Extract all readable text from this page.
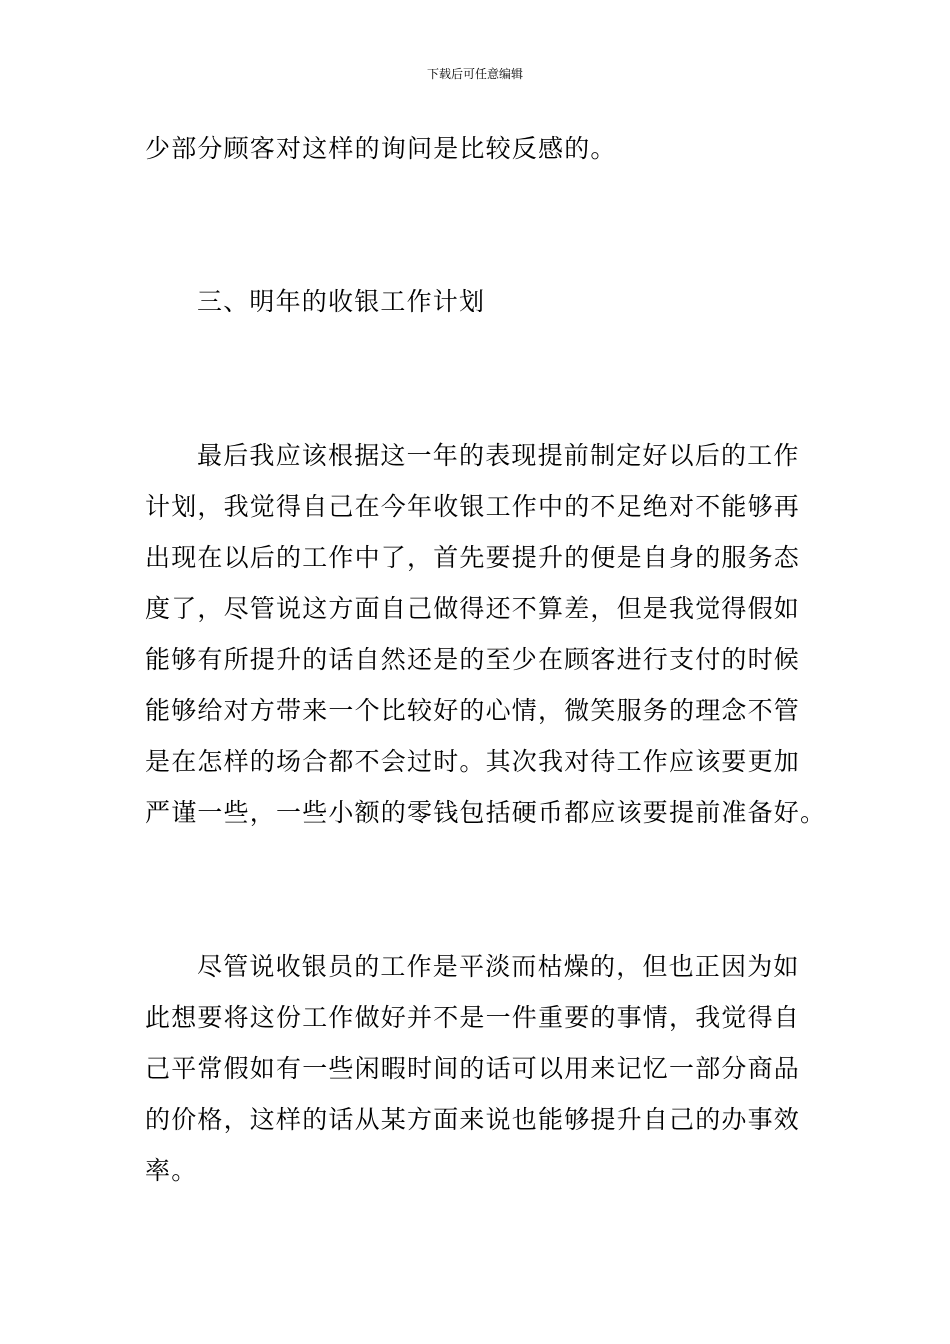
下载后可任意编辑

少部分顾客对这样的询问是比较反感的。

三、明年的收银工作计划

最后我应该根据这一年的表现提前制定好以后的工作
计划，我觉得自己在今年收银工作中的不足绝对不能够再
出现在以后的工作中了，首先要提升的便是自身的服务态
度了，尽管说这方面自己做得还不算差，但是我觉得假如
能够有所提升的话自然还是的至少在顾客进行支付的时候
能够给对方带来一个比较好的心情，微笑服务的理念不管
是在怎样的场合都不会过时。其次我对待工作应该要更加
严谨一些，一些小额的零钱包括硬币都应该要提前准备好。

尽管说收银员的工作是平淡而枯燥的，但也正因为如
此想要将这份工作做好并不是一件重要的事情，我觉得自
己平常假如有一些闲暇时间的话可以用来记忆一部分商品
的价格，这样的话从某方面来说也能够提升自己的办事效
率。
